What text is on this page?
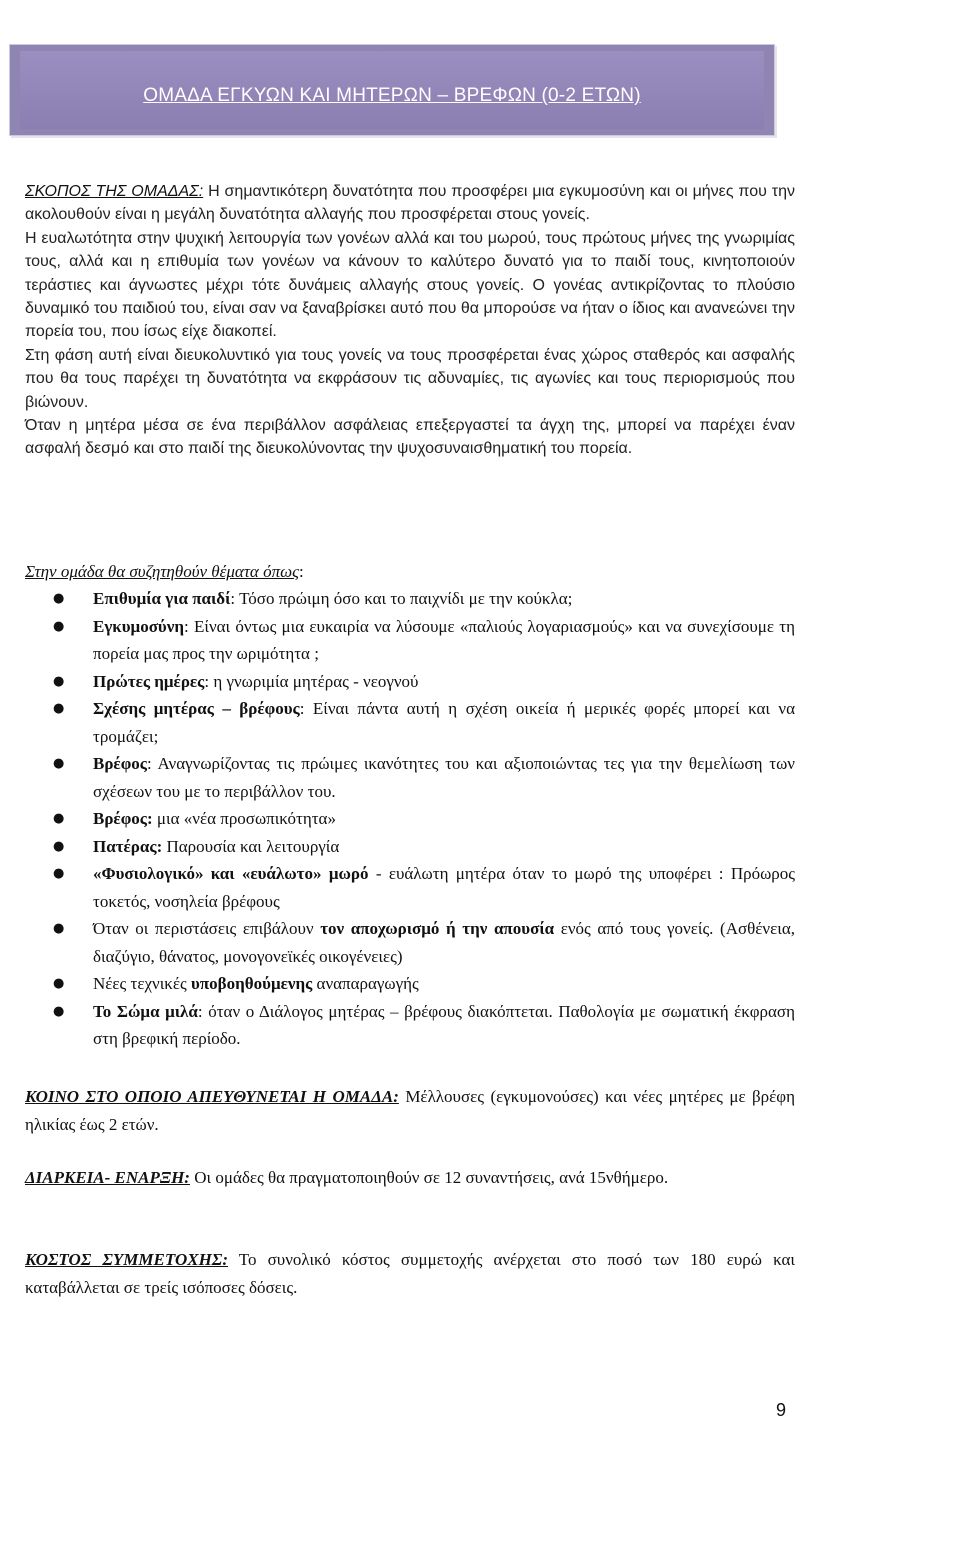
ΟΜΑΔΑ ΕΓΚΥΩΝ ΚΑΙ ΜΗΤΕΡΩΝ – ΒΡΕΦΩΝ (0-2 ΕΤΩΝ)

ΣΚΟΠΟΣ ΤΗΣ ΟΜΑΔΑΣ: Η σημαντικότερη δυνατότητα που προσφέρει μια εγκυμοσύνη και οι μήνες που την ακολουθούν είναι η μεγάλη δυνατότητα αλλαγής που προσφέρεται στους γονείς.

Η ευαλωτότητα στην ψυχική λειτουργία των γονέων αλλά και του μωρού, τους πρώτους μήνες της γνωριμίας τους, αλλά και η επιθυμία των γονέων να κάνουν το καλύτερο δυνατό για το παιδί τους, κινητοποιούν τεράστιες και άγνωστες μέχρι τότε δυνάμεις αλλαγής στους γονείς. Ο γονέας αντικρίζοντας το πλούσιο δυναμικό του παιδιού του, είναι σαν να ξαναβρίσκει αυτό που θα μπορούσε να ήταν ο ίδιος και ανανεώνει την πορεία του, που ίσως είχε διακοπεί.

Στη φάση αυτή είναι διευκολυντικό για τους γονείς να τους προσφέρεται ένας χώρος σταθερός και ασφαλής που θα τους παρέχει τη δυνατότητα να εκφράσουν τις αδυναμίες, τις αγωνίες και τους περιορισμούς που βιώνουν.

Όταν η μητέρα μέσα σε ένα περιβάλλον ασφάλειας επεξεργαστεί τα άγχη της, μπορεί να παρέχει έναν ασφαλή δεσμό και στο παιδί της διευκολύνοντας την ψυχοσυναισθηματική του πορεία.

Στην ομάδα θα συζητηθούν θέματα όπως:
● Επιθυμία για παιδί: Τόσο πρώιμη όσο και το παιχνίδι με την κούκλα;
● Εγκυμοσύνη: Είναι όντως μια ευκαιρία να λύσουμε «παλιούς λογαριασμούς» και να συνεχίσουμε τη πορεία μας προς την ωριμότητα ;
● Πρώτες ημέρες: η γνωριμία μητέρας - νεογνού
● Σχέσης μητέρας – βρέφους: Είναι πάντα αυτή η σχέση οικεία ή μερικές φορές μπορεί και να τρομάζει;
● Βρέφος: Αναγνωρίζοντας τις πρώιμες ικανότητες του και αξιοποιώντας τες για την θεμελίωση των σχέσεων του με το περιβάλλον του.
● Βρέφος: μια «νέα προσωπικότητα»
● Πατέρας: Παρουσία και λειτουργία
● «Φυσιολογικό» και «ευάλωτο» μωρό - ευάλωτη μητέρα όταν το μωρό της υποφέρει : Πρόωρος τοκετός, νοσηλεία βρέφους
● Όταν οι περιστάσεις επιβάλουν τον αποχωρισμό ή την απουσία ενός από τους γονείς. (Ασθένεια, διαζύγιο, θάνατος, μονογονεϊκές οικογένειες)
● Νέες τεχνικές υποβοηθούμενης αναπαραγωγής
● Το Σώμα μιλά: όταν ο Διάλογος μητέρας – βρέφους διακόπτεται. Παθολογία με σωματική έκφραση στη βρεφική περίοδο.
ΚΟΙΝΟ ΣΤΟ ΟΠΟΙΟ ΑΠΕΥΘΥΝΕΤΑΙ Η ΟΜΑΔΑ: Μέλλουσες (εγκυμονούσες) και νέες μητέρες με βρέφη ηλικίας έως 2 ετών.
ΔΙΑΡΚΕΙΑ- ΕΝΑΡΞΗ: Οι ομάδες θα πραγματοποιηθούν σε 12 συναντήσεις, ανά 15νθήμερο.
ΚΟΣΤΟΣ ΣΥΜΜΕΤΟΧΗΣ: Το συνολικό κόστος συμμετοχής ανέρχεται στο ποσό των 180 ευρώ και καταβάλλεται σε τρείς ισόποσες δόσεις.
9
